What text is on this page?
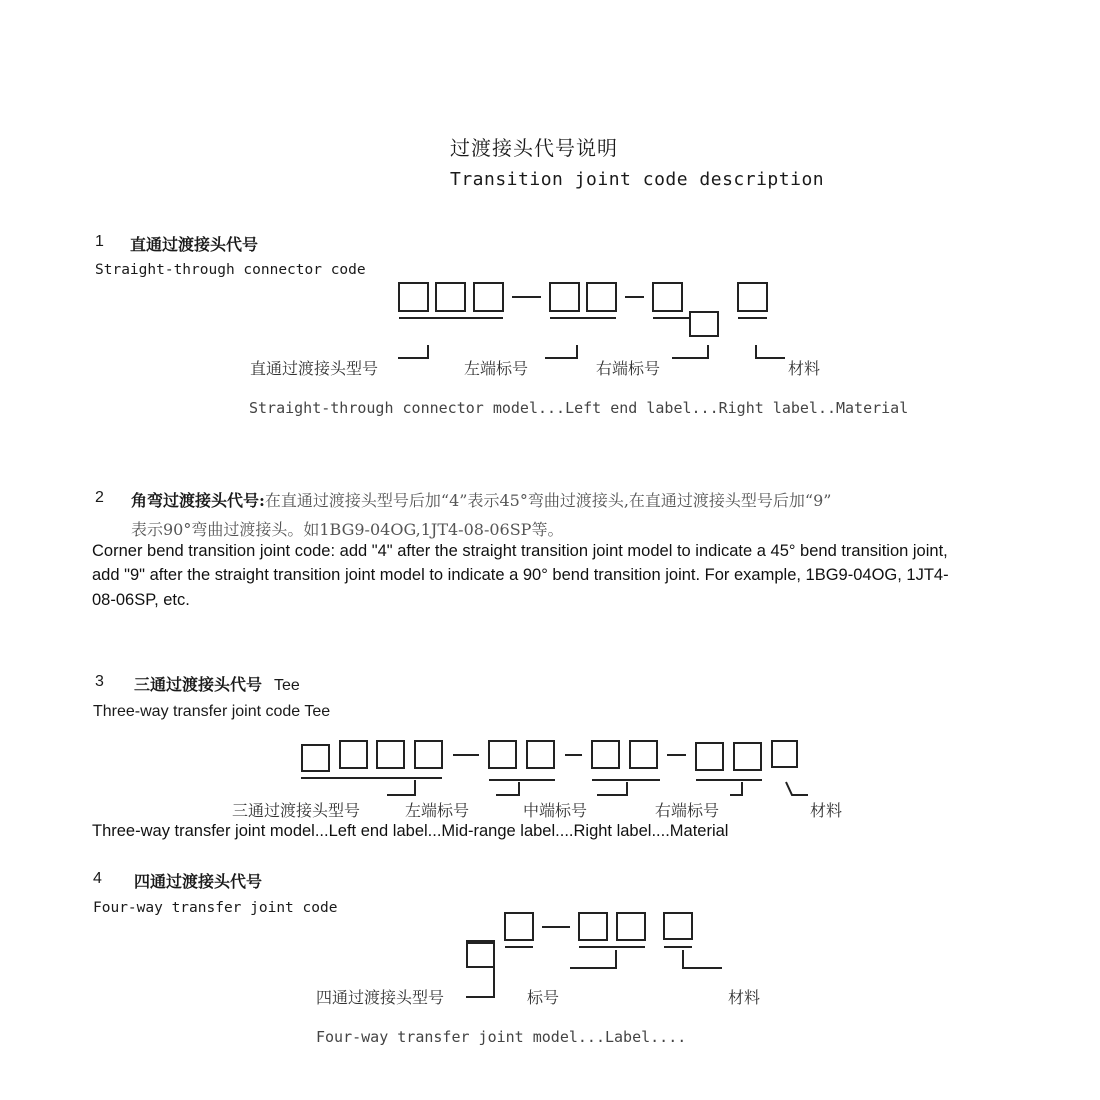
过渡接头代号说明
Transition joint code description
1 直通过渡接头代号
Straight-through connector code
直通过渡接头型号	左端标号	右端标号	材料
Straight-through connector model...Left end label...Right label..Material
2 角弯过渡接头代号:在直通过渡接头型号后加“4”表示45°弯曲过渡接头,在直通过渡接头型号后加“9”
表示90°弯曲过渡接头。如1BG9-04OG,1JT4-08-06SP等。
Corner bend transition joint code: add "4" after the straight transition joint model to indicate a 45° bend transition joint,
add "9" after the straight transition joint model to indicate a 90° bend transition joint. For example, 1BG9-04OG, 1JT4-
08-06SP, etc.
3 三通过渡接头代号 Tee
Three-way transfer joint code Tee
三通过渡接头型号	左端标号	中端标号	右端标号	材料
Three-way transfer joint model...Left end label...Mid-range label....Right label....Material
4 四通过渡接头代号
Four-way transfer joint code
四通过渡接头型号	标号	材料
Four-way transfer joint model...Label....
